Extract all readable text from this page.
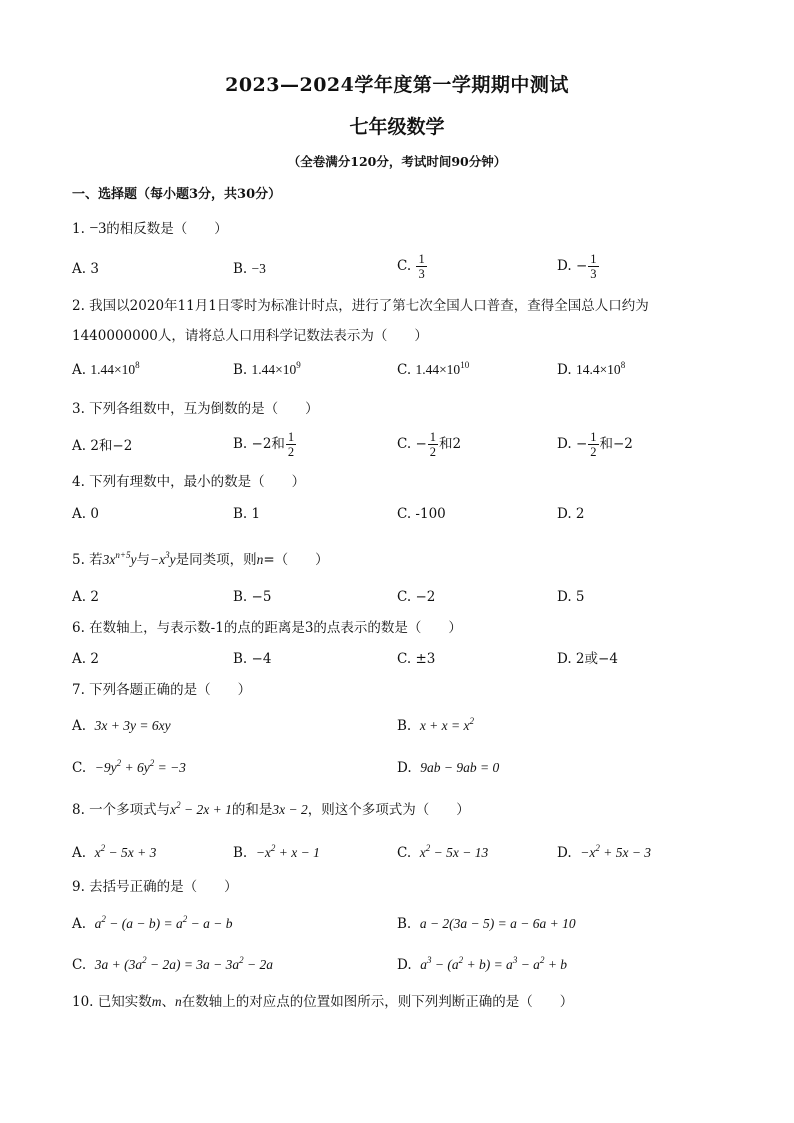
2023—2024学年度第一学期期中测试
七年级数学
（全卷满分120分，考试时间90分钟）
一、选择题（每小题3分，共30分）
1. −3的相反数是（　　）
A. 3	B. −3	C. $\frac{1}{3}$	D. − $\frac{1}{3}$
2. 我国以2020年11月1日零时为标准计时点，进行了第七次全国人口普查，查得全国总人口约为
1440000000人，请将总人口用科学记数法表示为（　　）
A. $1.44\times 10^8$	B. $1.44\times 10^9$	C. $1.44\times 10^{10}$	D. $14.4\times 10^8$
3. 下列各组数中，互为倒数的是（　　）
A. 2和−2	B. −2和 $\frac{1}{2}$	C. − $\frac{1}{2}$ 和2	D. − $\frac{1}{2}$ 和−2
4. 下列有理数中，最小的数是（　　）
A. 0	B. 1	C. -100	D. 2
5. 若$3x^{n+5}y$与$-x^3y$是同类项，则n=（　　）
A. 2	B. −5	C. −2	D. 5
6. 在数轴上，与表示数-1的点的距离是3的点表示的数是（　　）
A. 2	B. −4	C. ±3	D. 2或−4
7. 下列各题正确的是（　　）
A. 3x + 3y = 6xy	B. $x + x = x^2$
C. $-9y^2 + 6y^2 = -3$	D. 9ab − 9ab = 0
8. 一个多项式与$x^2 - 2x + 1$的和是3x − 2，则这个多项式为（　　）
A. $x^2 - 5x + 3$	B. $-x^2 + x - 1$	C. $x^2 - 5x - 13$	D. $-x^2 + 5x - 3$
9. 去括号正确的是（　　）
A. $a^2 - (a - b) = a^2 - a - b$	B. a − 2(3a − 5) = a − 6a + 10
C. $3a + (3a^2 - 2a) = 3a - 3a^2 - 2a$	D. $a^3 - (a^2 + b) = a^3 - a^2 + b$
10. 已知实数m、n在数轴上的对应点的位置如图所示，则下列判断正确的是（　　）
